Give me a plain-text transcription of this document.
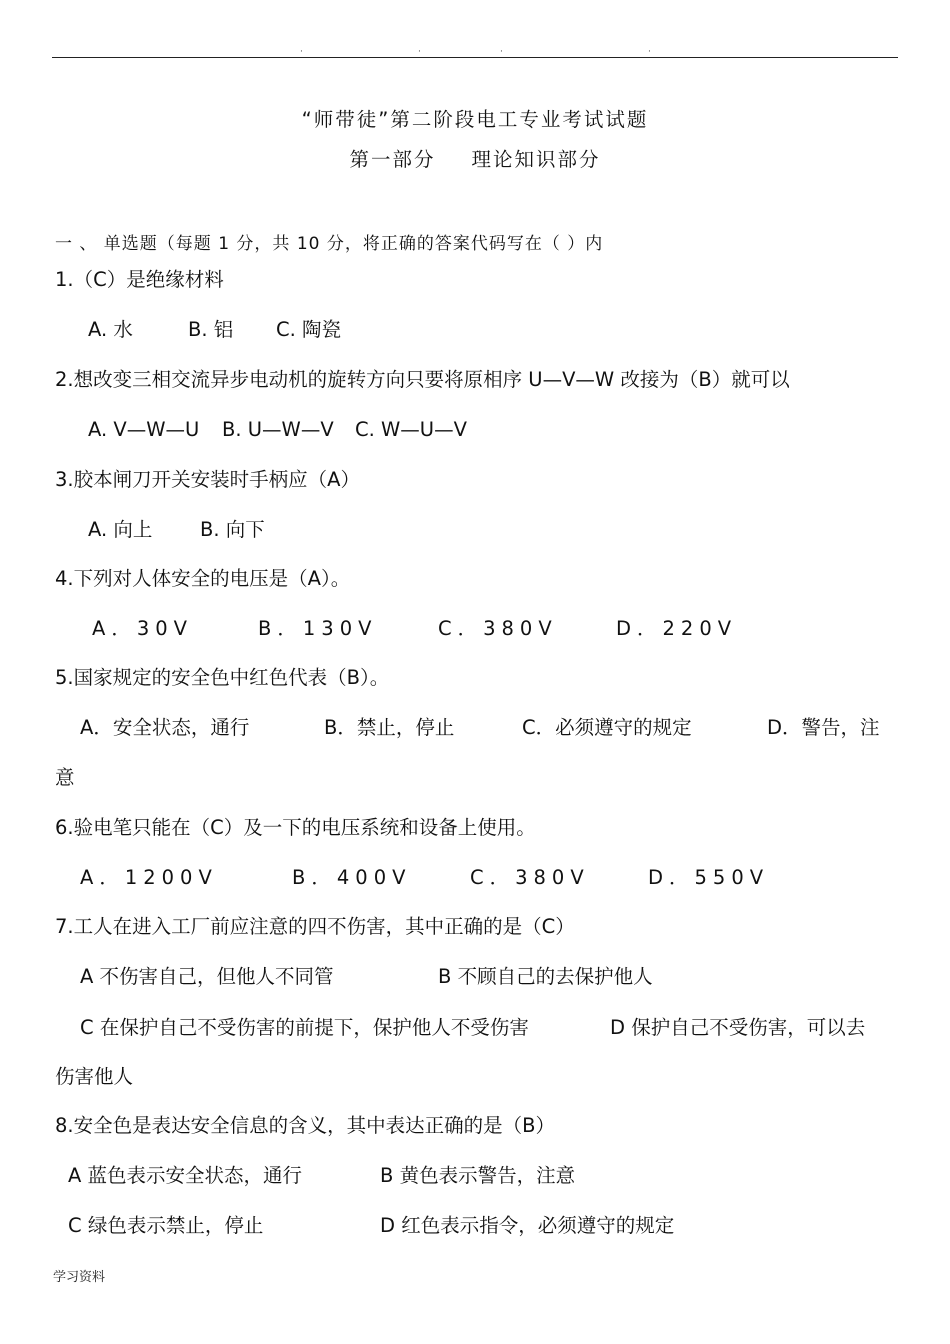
·	·	·	·
“师带徒”第二阶段电工专业考试试题
第一部分 理论知识部分
一 、 单选题（每题 1 分，共 10 分，将正确的答案代码写在（ ）内
1.（C）是绝缘材料
A. 水	B. 铝 C. 陶瓷
2.想改变三相交流异步电动机的旋转方向只要将原相序 U—V—W 改接为（B）就可以
A. V—W—U B. U—W—V C. W—U—V
3.胶本闸刀开关安装时手柄应（A）
A. 向上 B. 向下
4.下列对人体安全的电压是（A）。
A．30V	B．130V	C．380V	D．220V
5.国家规定的安全色中红色代表（B）。
A．安全状态，通行	B．禁止，停止	C．必须遵守的规定	D．警告，注
意
6.验电笔只能在（C）及一下的电压系统和设备上使用。
A．1200V	B．400V	C．380V	D．550V
7.工人在进入工厂前应注意的四不伤害，其中正确的是（C）
A 不伤害自己，但他人不同管	B 不顾自己的去保护他人
C 在保护自己不受伤害的前提下，保护他人不受伤害	D 保护自己不受伤害，可以去
伤害他人
8.安全色是表达安全信息的含义，其中表达正确的是（B）
A 蓝色表示安全状态，通行	B 黄色表示警告，注意
C 绿色表示禁止，停止	D 红色表示指令，必须遵守的规定
学习资料
